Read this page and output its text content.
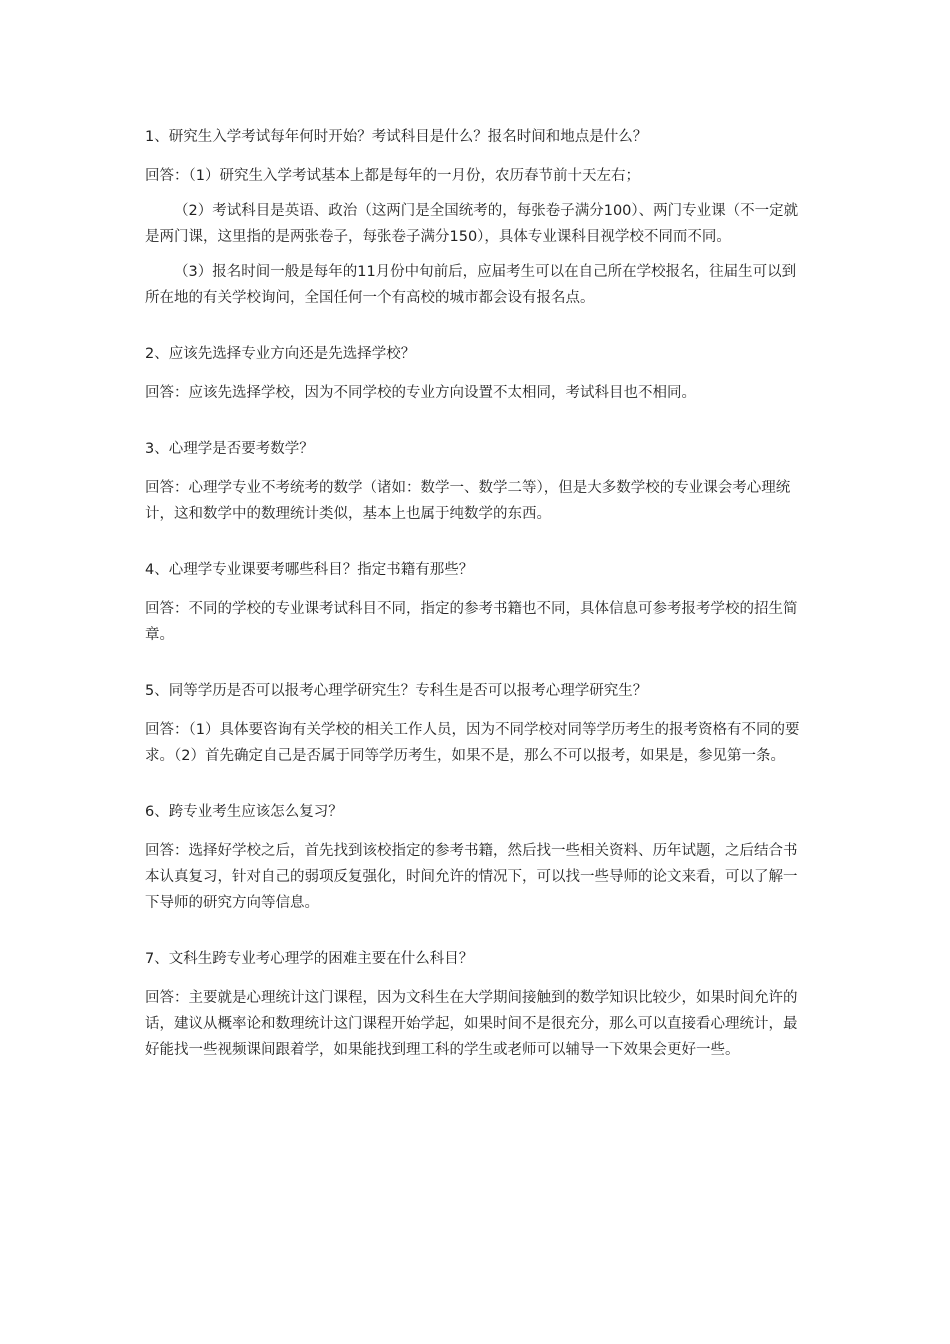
1、研究生入学考试每年何时开始？考试科目是什么？报名时间和地点是什么？

回答：（1）研究生入学考试基本上都是每年的一月份，农历春节前十天左右；

（2）考试科目是英语、政治（这两门是全国统考的，每张卷子满分100）、两门专业课（不一定就是两门课，这里指的是两张卷子，每张卷子满分150），具体专业课科目视学校不同而不同。

（3）报名时间一般是每年的11月份中旬前后，应届考生可以在自己所在学校报名，往届生可以到所在地的有关学校询问，全国任何一个有高校的城市都会设有报名点。

2、应该先选择专业方向还是先选择学校？

回答：应该先选择学校，因为不同学校的专业方向设置不太相同，考试科目也不相同。

3、心理学是否要考数学？

回答：心理学专业不考统考的数学（诸如：数学一、数学二等），但是大多数学校的专业课会考心理统计，这和数学中的数理统计类似，基本上也属于纯数学的东西。

4、心理学专业课要考哪些科目？指定书籍有那些？

回答：不同的学校的专业课考试科目不同，指定的参考书籍也不同，具体信息可参考报考学校的招生简章。

5、同等学历是否可以报考心理学研究生？专科生是否可以报考心理学研究生？

回答：（1）具体要咨询有关学校的相关工作人员，因为不同学校对同等学历考生的报考资格有不同的要求。（2）首先确定自己是否属于同等学历考生，如果不是，那么不可以报考，如果是，参见第一条。

6、跨专业考生应该怎么复习？

回答：选择好学校之后，首先找到该校指定的参考书籍，然后找一些相关资料、历年试题，之后结合书本认真复习，针对自己的弱项反复强化，时间允许的情况下，可以找一些导师的论文来看，可以了解一下导师的研究方向等信息。

7、文科生跨专业考心理学的困难主要在什么科目？

回答：主要就是心理统计这门课程，因为文科生在大学期间接触到的数学知识比较少，如果时间允许的话，建议从概率论和数理统计这门课程开始学起，如果时间不是很充分，那么可以直接看心理统计，最好能找一些视频课间跟着学，如果能找到理工科的学生或老师可以辅导一下效果会更好一些。
